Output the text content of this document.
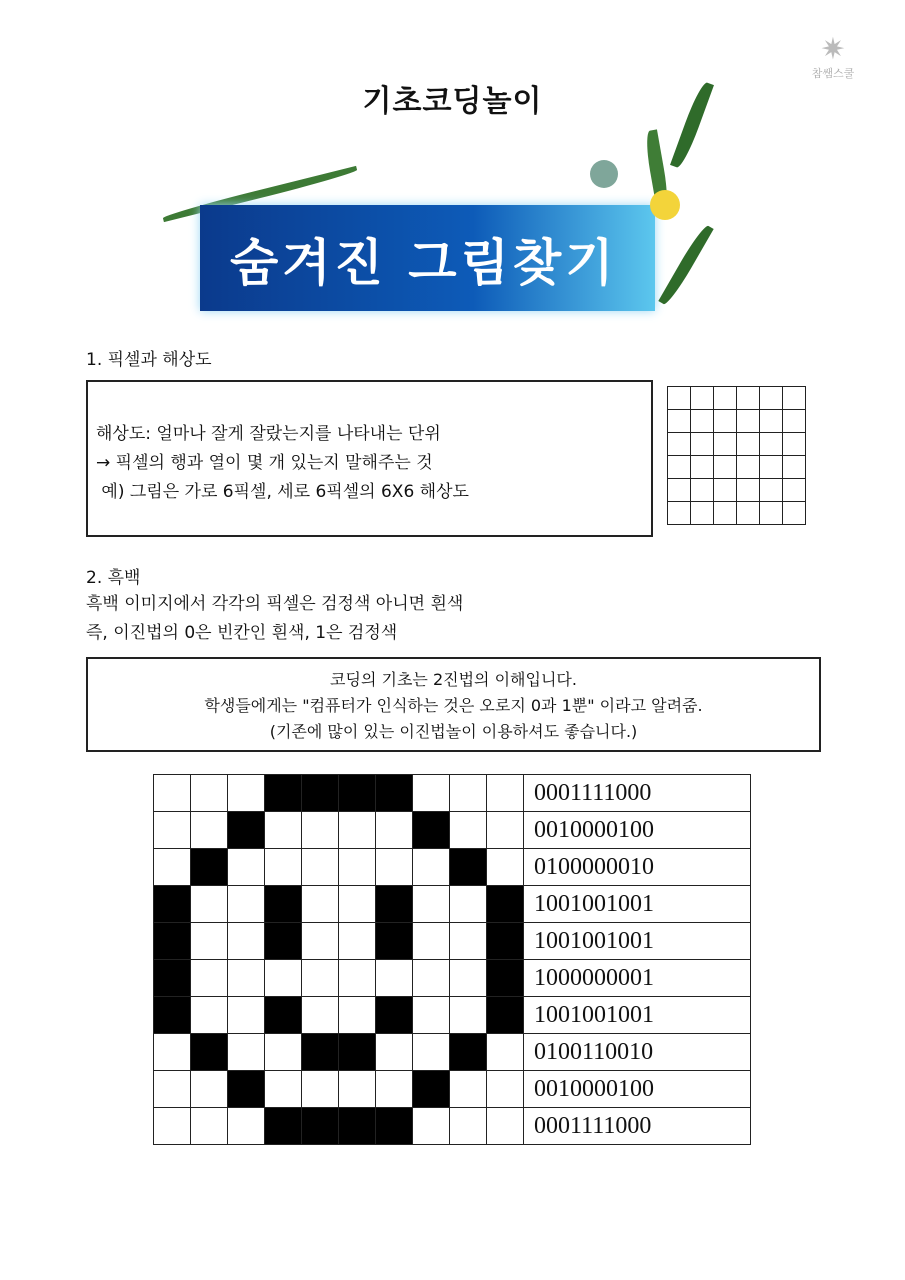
기초코딩놀이
✷
참쌤스쿨
숨겨진 그림찾기
1. 픽셀과 해상도
해상도: 얼마나 잘게 잘랐는지를 나타내는 단위
→ 픽셀의 행과 열이 몇 개 있는지 말해주는 것
예) 그림은 가로 6픽셀, 세로 6픽셀의 6X6 해상도

2. 흑백
흑백 이미지에서 각각의 픽셀은 검정색 아니면 흰색
즉, 이진법의 0은 빈칸인 흰색, 1은 검정색
코딩의 기초는 2진법의 이해입니다.
학생들에게는 "컴퓨터가 인식하는 것은 오로지 0과 1뿐" 이라고 알려줌.
(기존에 많이 있는 이진법놀이 이용하셔도 좋습니다.)
										0001111000
										0010000100
										0100000010
										1001001001
										1001001001
										1000000001
										1001001001
										0100110010
										0010000100
										0001111000
